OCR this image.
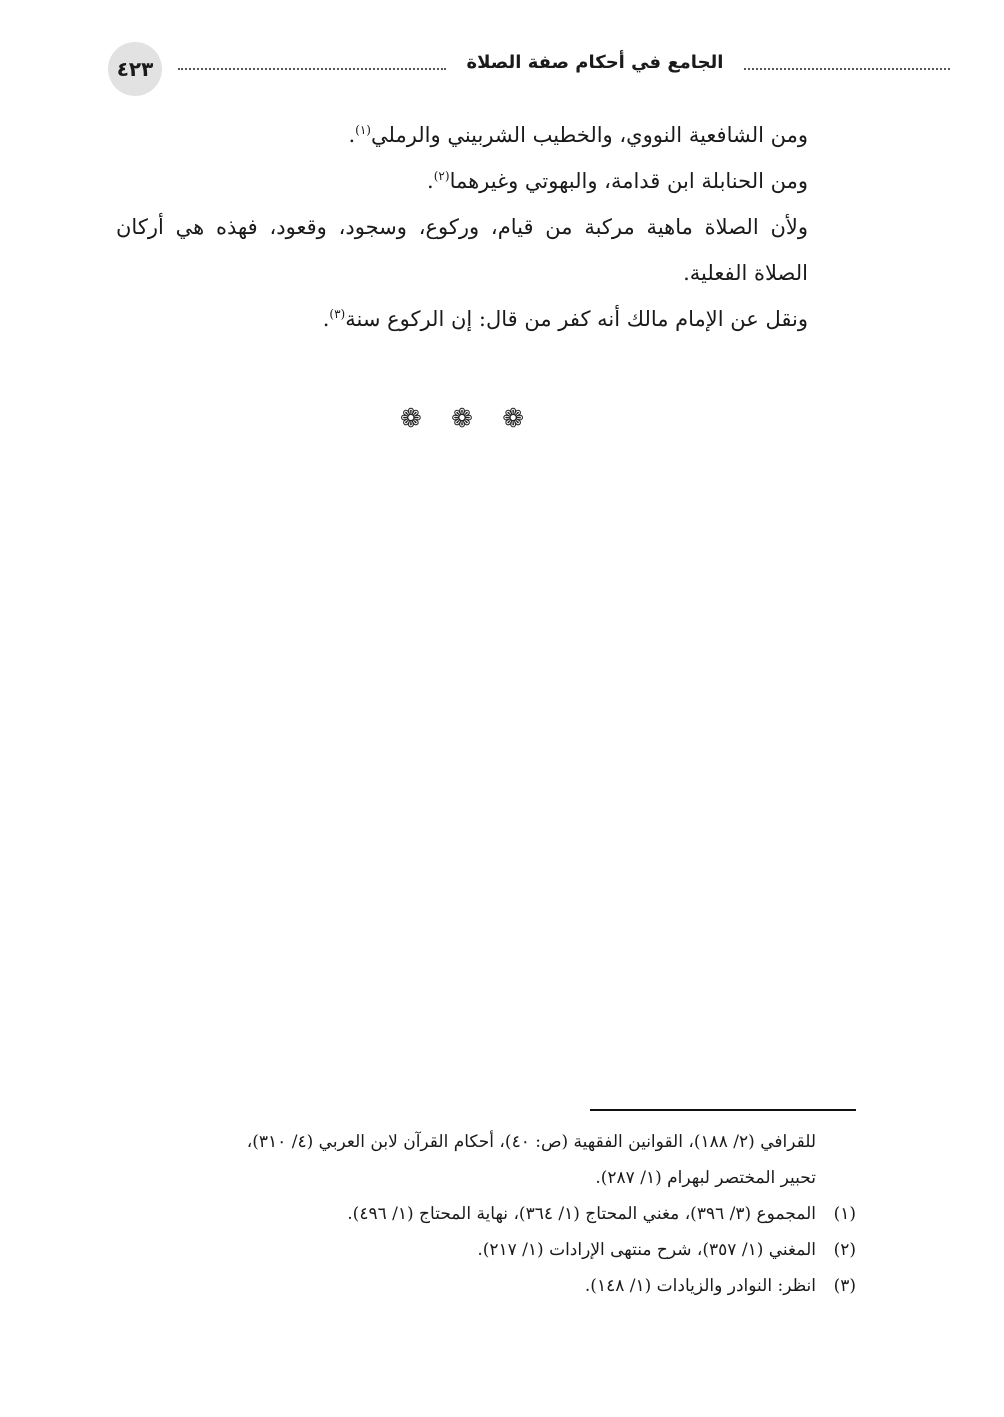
٤٢٣	الجامع في أحكام صفة الصلاة

ومن الشافعية النووي، والخطيب الشربيني والرملي$^{(١)}$.

ومن الحنابلة ابن قدامة، والبهوتي وغيرهما$^{(٢)}$.

ولأن الصلاة ماهية مركبة من قيام، وركوع، وسجود، وقعود، فهذه هي أركان الصلاة الفعلية.

ونقل عن الإمام مالك أنه كفر من قال: إن الركوع سنة$^{(٣)}$.

❁ ❁ ❁

للقرافي (٢/ ١٨٨)، القوانين الفقهية (ص: ٤٠)، أحكام القرآن لابن العربي (٤/ ٣١٠)،

تحبير المختصر لبهرام (١/ ٢٨٧).

(١)المجموع (٣/ ٣٩٦)، مغني المحتاج (١/ ٣٦٤)، نهاية المحتاج (١/ ٤٩٦).

(٢)المغني (١/ ٣٥٧)، شرح منتهى الإرادات (١/ ٢١٧).

(٣)انظر: النوادر والزيادات (١/ ١٤٨).
